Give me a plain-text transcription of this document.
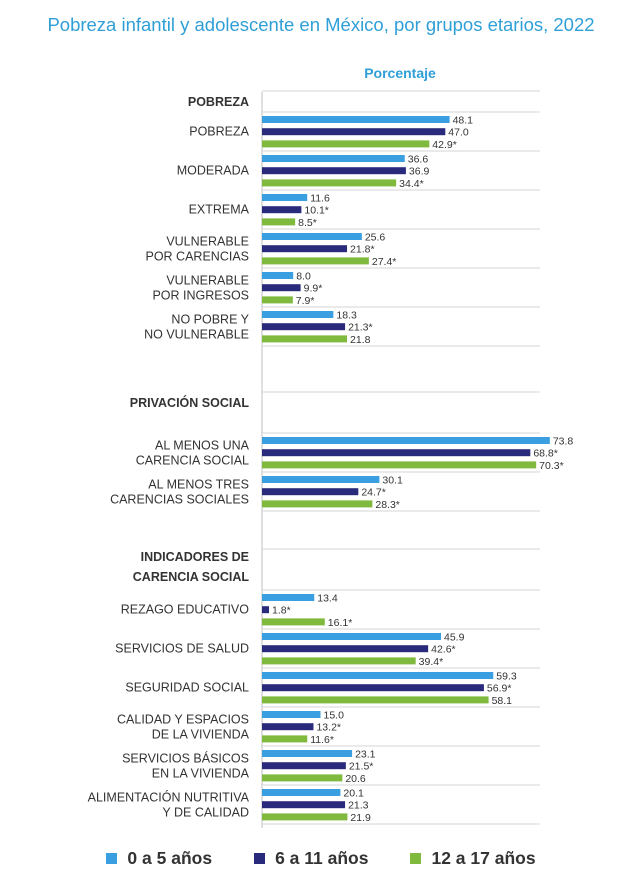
Pobreza infantil y adolescente en México, por grupos etarios, 2022
Porcentaje
POBREZA
48.1
47.0
42.9*
POBREZA
36.6
36.9
34.4*
MODERADA
11.6
10.1*
8.5*
EXTREMA
25.6
21.8*
27.4*
VULNERABLE
POR CARENCIAS
8.0
9.9*
7.9*
VULNERABLE
POR INGRESOS
18.3
21.3*
21.8
NO POBRE Y
NO VULNERABLE
PRIVACIÓN SOCIAL
73.8
68.8*
70.3*
AL MENOS UNA
CARENCIA SOCIAL
30.1
24.7*
28.3*
AL MENOS TRES
CARENCIAS SOCIALES
INDICADORES DE
CARENCIA SOCIAL
13.4
1.8*
16.1*
REZAGO EDUCATIVO
45.9
42.6*
39.4*
SERVICIOS DE SALUD
59.3
56.9*
58.1
SEGURIDAD SOCIAL
15.0
13.2*
11.6*
CALIDAD Y ESPACIOS
DE LA VIVIENDA
23.1
21.5*
20.6
SERVICIOS BÁSICOS
EN LA VIVIENDA
20.1
21.3
21.9
ALIMENTACIÓN NUTRITIVA
Y DE CALIDAD
0 a 5 años	6 a 11 años	12 a 17 años
